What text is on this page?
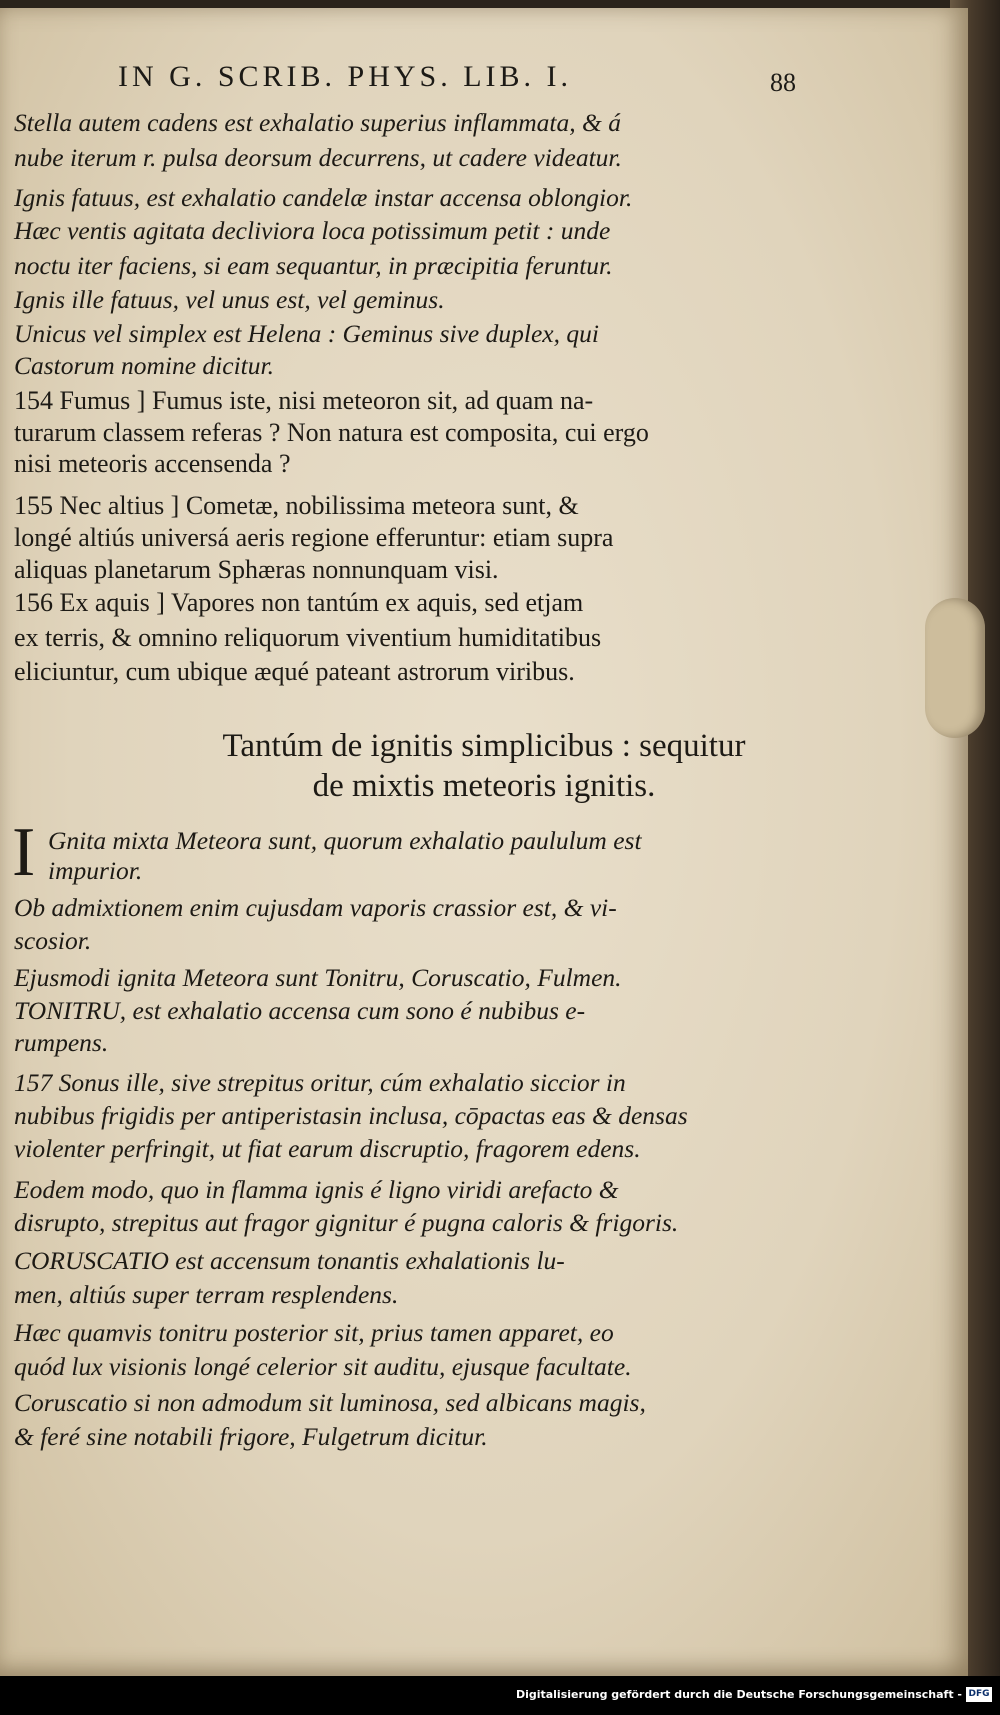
IN G. SCRIB. PHYS. LIB. I.	88
Stella autem cadens est exhalatio superius inflammata, & á
nube iterum r. pulsa deorsum decurrens, ut cadere videatur.
Ignis fatuus, est exhalatio candelæ instar accensa oblongior.
Hæc ventis agitata decliviora loca potissimum petit : unde
noctu iter faciens, si eam sequantur, in præcipitia feruntur.
Ignis ille fatuus, vel unus est, vel geminus.
Unicus vel simplex est Helena : Geminus sive duplex, qui
Castorum nomine dicitur.
154 Fumus ] Fumus iste, nisi meteoron sit, ad quam na-
turarum classem referas ? Non natura est composita, cui ergo
nisi meteoris accensenda ?
155 Nec altius ] Cometæ, nobilissima meteora sunt, &
longé altiús universá aeris regione efferuntur: etiam supra
aliquas planetarum Sphæras nonnunquam visi.
156 Ex aquis ] Vapores non tantúm ex aquis, sed etjam
ex terris, & omnino reliquorum viventium humiditatibus
eliciuntur, cum ubique æqué pateant astrorum viribus.
Tantúm de ignitis simplicibus : sequitur
de mixtis meteoris ignitis.
I Gnita mixta Meteora sunt, quorum exhalatio paululum est
impurior.
Ob admixtionem enim cujusdam vaporis crassior est, & vi-
scosior.
Ejusmodi ignita Meteora sunt Tonitru, Coruscatio, Fulmen.
TONITRU, est exhalatio accensa cum sono é nubibus e-
rumpens.
157 Sonus ille, sive strepitus oritur, cúm exhalatio siccior in
nubibus frigidis per antiperistasin inclusa, cōpactas eas & densas
violenter perfringit, ut fiat earum discruptio, fragorem edens.
Eodem modo, quo in flamma ignis é ligno viridi arefacto &
disrupto, strepitus aut fragor gignitur é pugna caloris & frigoris.
CORUSCATIO est accensum tonantis exhalationis lu-
men, altiús super terram resplendens.
Hæc quamvis tonitru posterior sit, prius tamen apparet, eo
quód lux visionis longé celerior sit auditu, ejusque facultate.
Coruscatio si non admodum sit luminosa, sed albicans magis,
& feré sine notabili frigore, Fulgetrum dicitur.
Digitalisierung gefördert durch die Deutsche Forschungsgemeinschaft - DFG
